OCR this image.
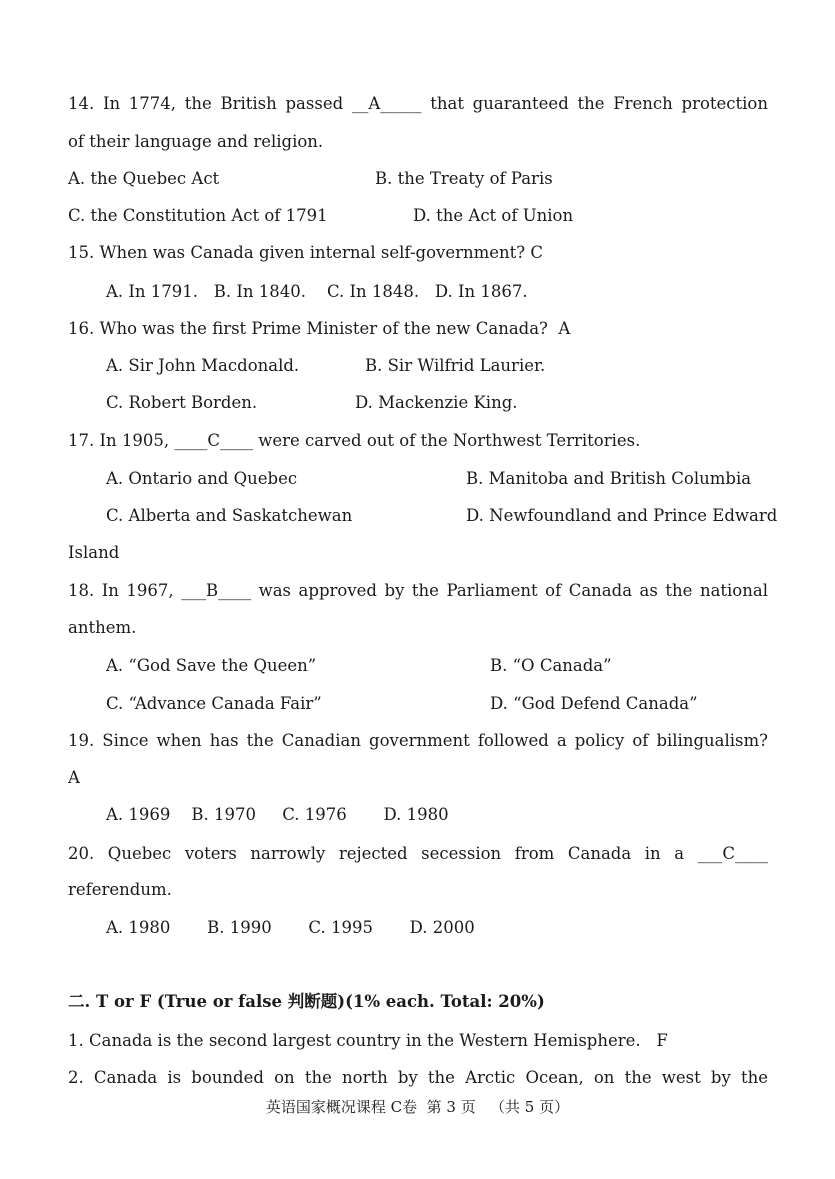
14. In 1774, the British passed __A_____ that guaranteed the French protection
of their language and religion.
A. the Quebec Act	B. the Treaty of Paris
C. the Constitution Act of 1791	D. the Act of Union
15. When was Canada given internal self-government? C
A. In 1791.   B. In 1840.    C. In 1848.   D. In 1867.
16. Who was the first Prime Minister of the new Canada?  A
A. Sir John Macdonald.	B. Sir Wilfrid Laurier.
C. Robert Borden.	D. Mackenzie King.
17. In 1905, ____C____ were carved out of the Northwest Territories.
A. Ontario and Quebec	B. Manitoba and British Columbia
C. Alberta and Saskatchewan	D. Newfoundland and Prince Edward
Island
18. In 1967, ___B____ was approved by the Parliament of Canada as the national
anthem.
A. “God Save the Queen”	B. “O Canada”
C. “Advance Canada Fair”	D. “God Defend Canada”
19. Since when has the Canadian government followed a policy of bilingualism?
A
A. 1969    B. 1970     C. 1976       D. 1980
20. Quebec voters narrowly rejected secession from Canada in a ___C____
referendum.
A. 1980       B. 1990       C. 1995       D. 2000
二. T or F (True or false 判断题)(1% each. Total: 20%)
1. Canada is the second largest country in the Western Hemisphere.   F
2. Canada is bounded on the north by the Arctic Ocean, on the west by the
英语国家概况课程 C卷  第 3 页   （共 5 页）
